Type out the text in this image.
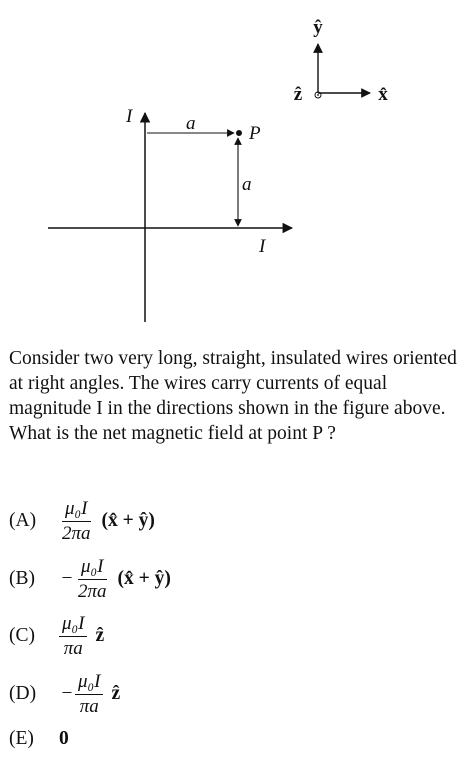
ŷ
x̂
ẑ
I
I
a
a
P

Consider two very long, straight, insulated wires oriented at right angles. The wires carry currents of equal magnitude I in the directions shown in the figure above. What is the net magnetic field at point P ?

(A)	$\frac{\text{μ₀I}}{2\pi a}$ (x̂ + ŷ)
(B)	− $\frac{\text{μ₀I}}{2\pi a}$ (x̂ + ŷ)
(C)	$\frac{\text{μ₀I}}{\pi a}$ ẑ
(D)	− $\frac{\text{μ₀I}}{\pi a}$ ẑ
(E)	0
